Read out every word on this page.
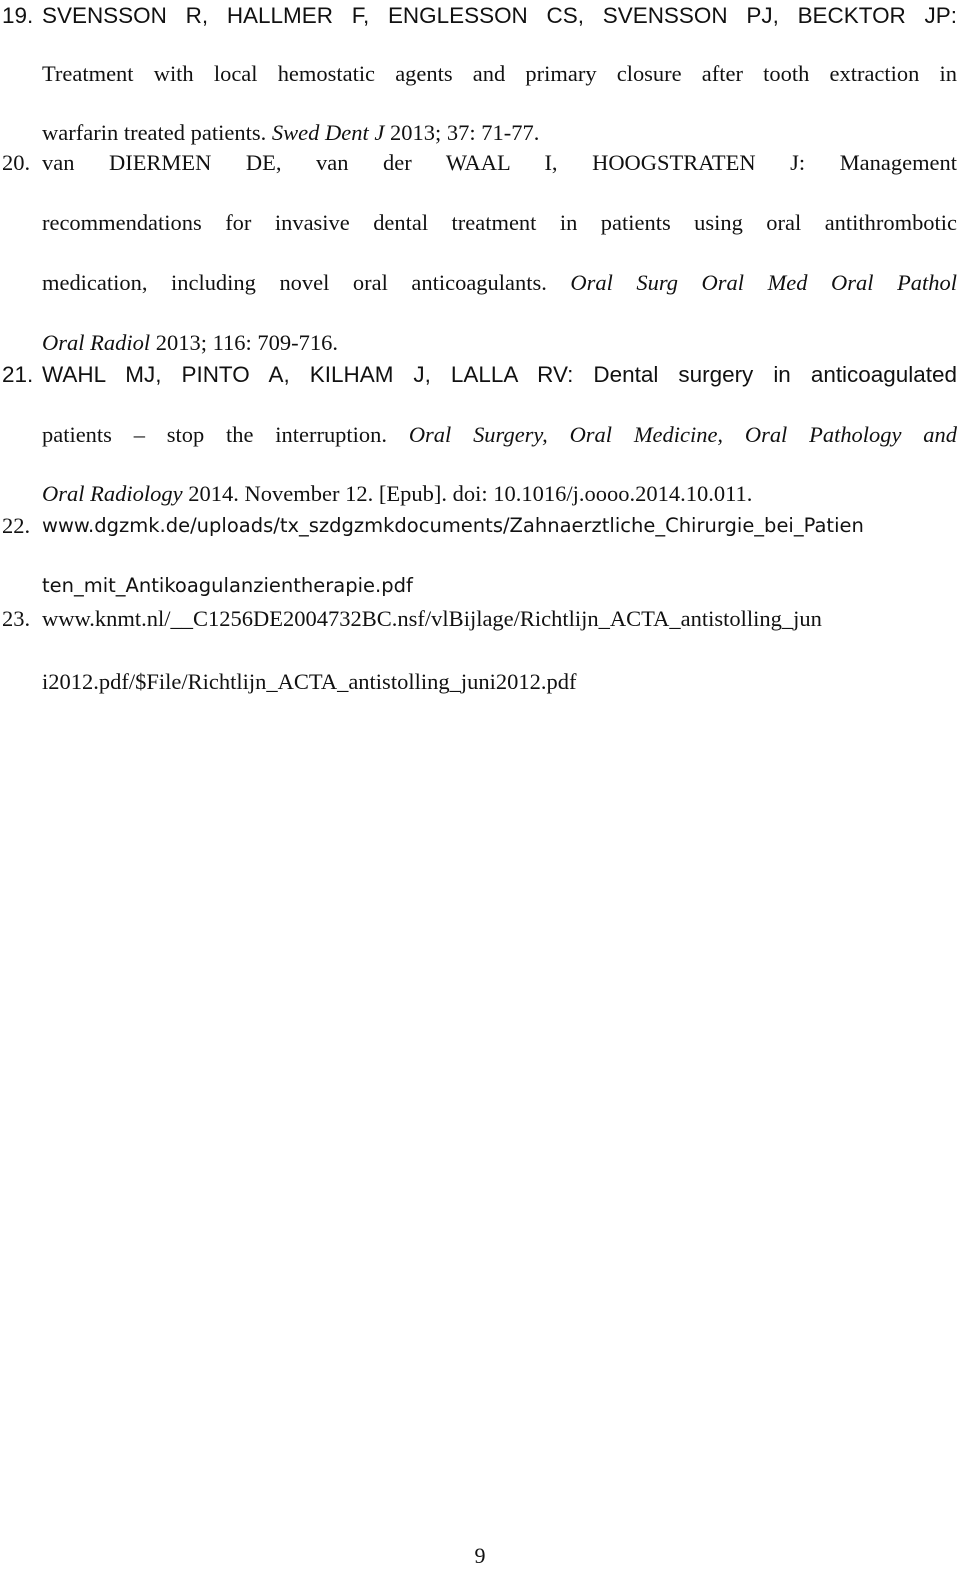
19. SVENSSON R, HALLMER F, ENGLESSON CS, SVENSSON PJ, BECKTOR JP:
Treatment with local hemostatic agents and primary closure after tooth extraction in
warfarin treated patients. Swed Dent J 2013; 37: 71-77.
20. van DIERMEN DE, van der WAAL I, HOOGSTRATEN J: Management
recommendations for invasive dental treatment in patients using oral antithrombotic
medication, including novel oral anticoagulants. Oral Surg Oral Med Oral Pathol
Oral Radiol 2013; 116: 709-716.
21. WAHL MJ, PINTO A, KILHAM J, LALLA RV: Dental surgery in anticoagulated
patients – stop the interruption. Oral Surgery, Oral Medicine, Oral Pathology and
Oral Radiology 2014. November 12. [Epub]. doi: 10.1016/j.oooo.2014.10.011.
22. www.dgzmk.de/uploads/tx_szdgzmkdocuments/Zahnaerztliche_Chirurgie_bei_Patien
ten_mit_Antikoagulanzientherapie.pdf
23. www.knmt.nl/__C1256DE2004732BC.nsf/vlBijlage/Richtlijn_ACTA_antistolling_jun
i2012.pdf/$File/Richtlijn_ACTA_antistolling_juni2012.pdf
9
